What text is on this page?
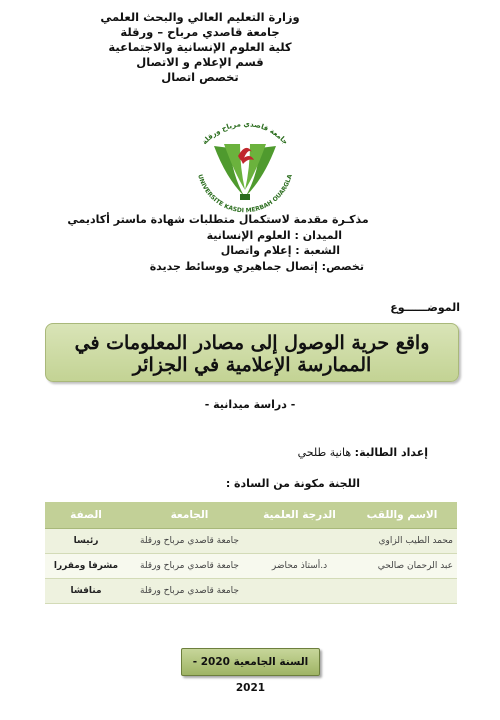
وزارة التعليم العالي والبحث العلمي
جامعة قاصدي مرباح – ورقلة
كلية العلوم الإنسانية والاجتماعية
قسم الإعلام و الاتصال
تخصص اتصال
جامعة قاصدي مرباح ورقلة
UNIVERSITE KASDI MERBAH OUARGLA
مذكـرة مقدمة لاستكمال متطلبات شهادة ماستر أكاديمي
الميدان : العلوم الإنسانية
الشعبة : إعلام واتصال
تخصص: إتصال جماهيري ووسائط جديدة
الموضــــــوع
واقع حرية الوصول إلى مصادر المعلومات في الممارسة الإعلامية في الجزائر
- دراسة ميدانية -
إعداد الطالبة: هانية طلحي
اللجنة مكونة من السادة :
الاسم واللقب	الدرجة العلمية	الجامعة	الصفة
محمد الطيب الزاوي		جامعة قاصدي مرباح ورقلة	رئيسا
عبد الرحمان صالحي	د.أستاذ محاضر	جامعة قاصدي مرباح ورقلة	مشرفا ومقررا
		جامعة قاصدي مرباح ورقلة	مناقشا
السنة الجامعية 2020 - 2021
